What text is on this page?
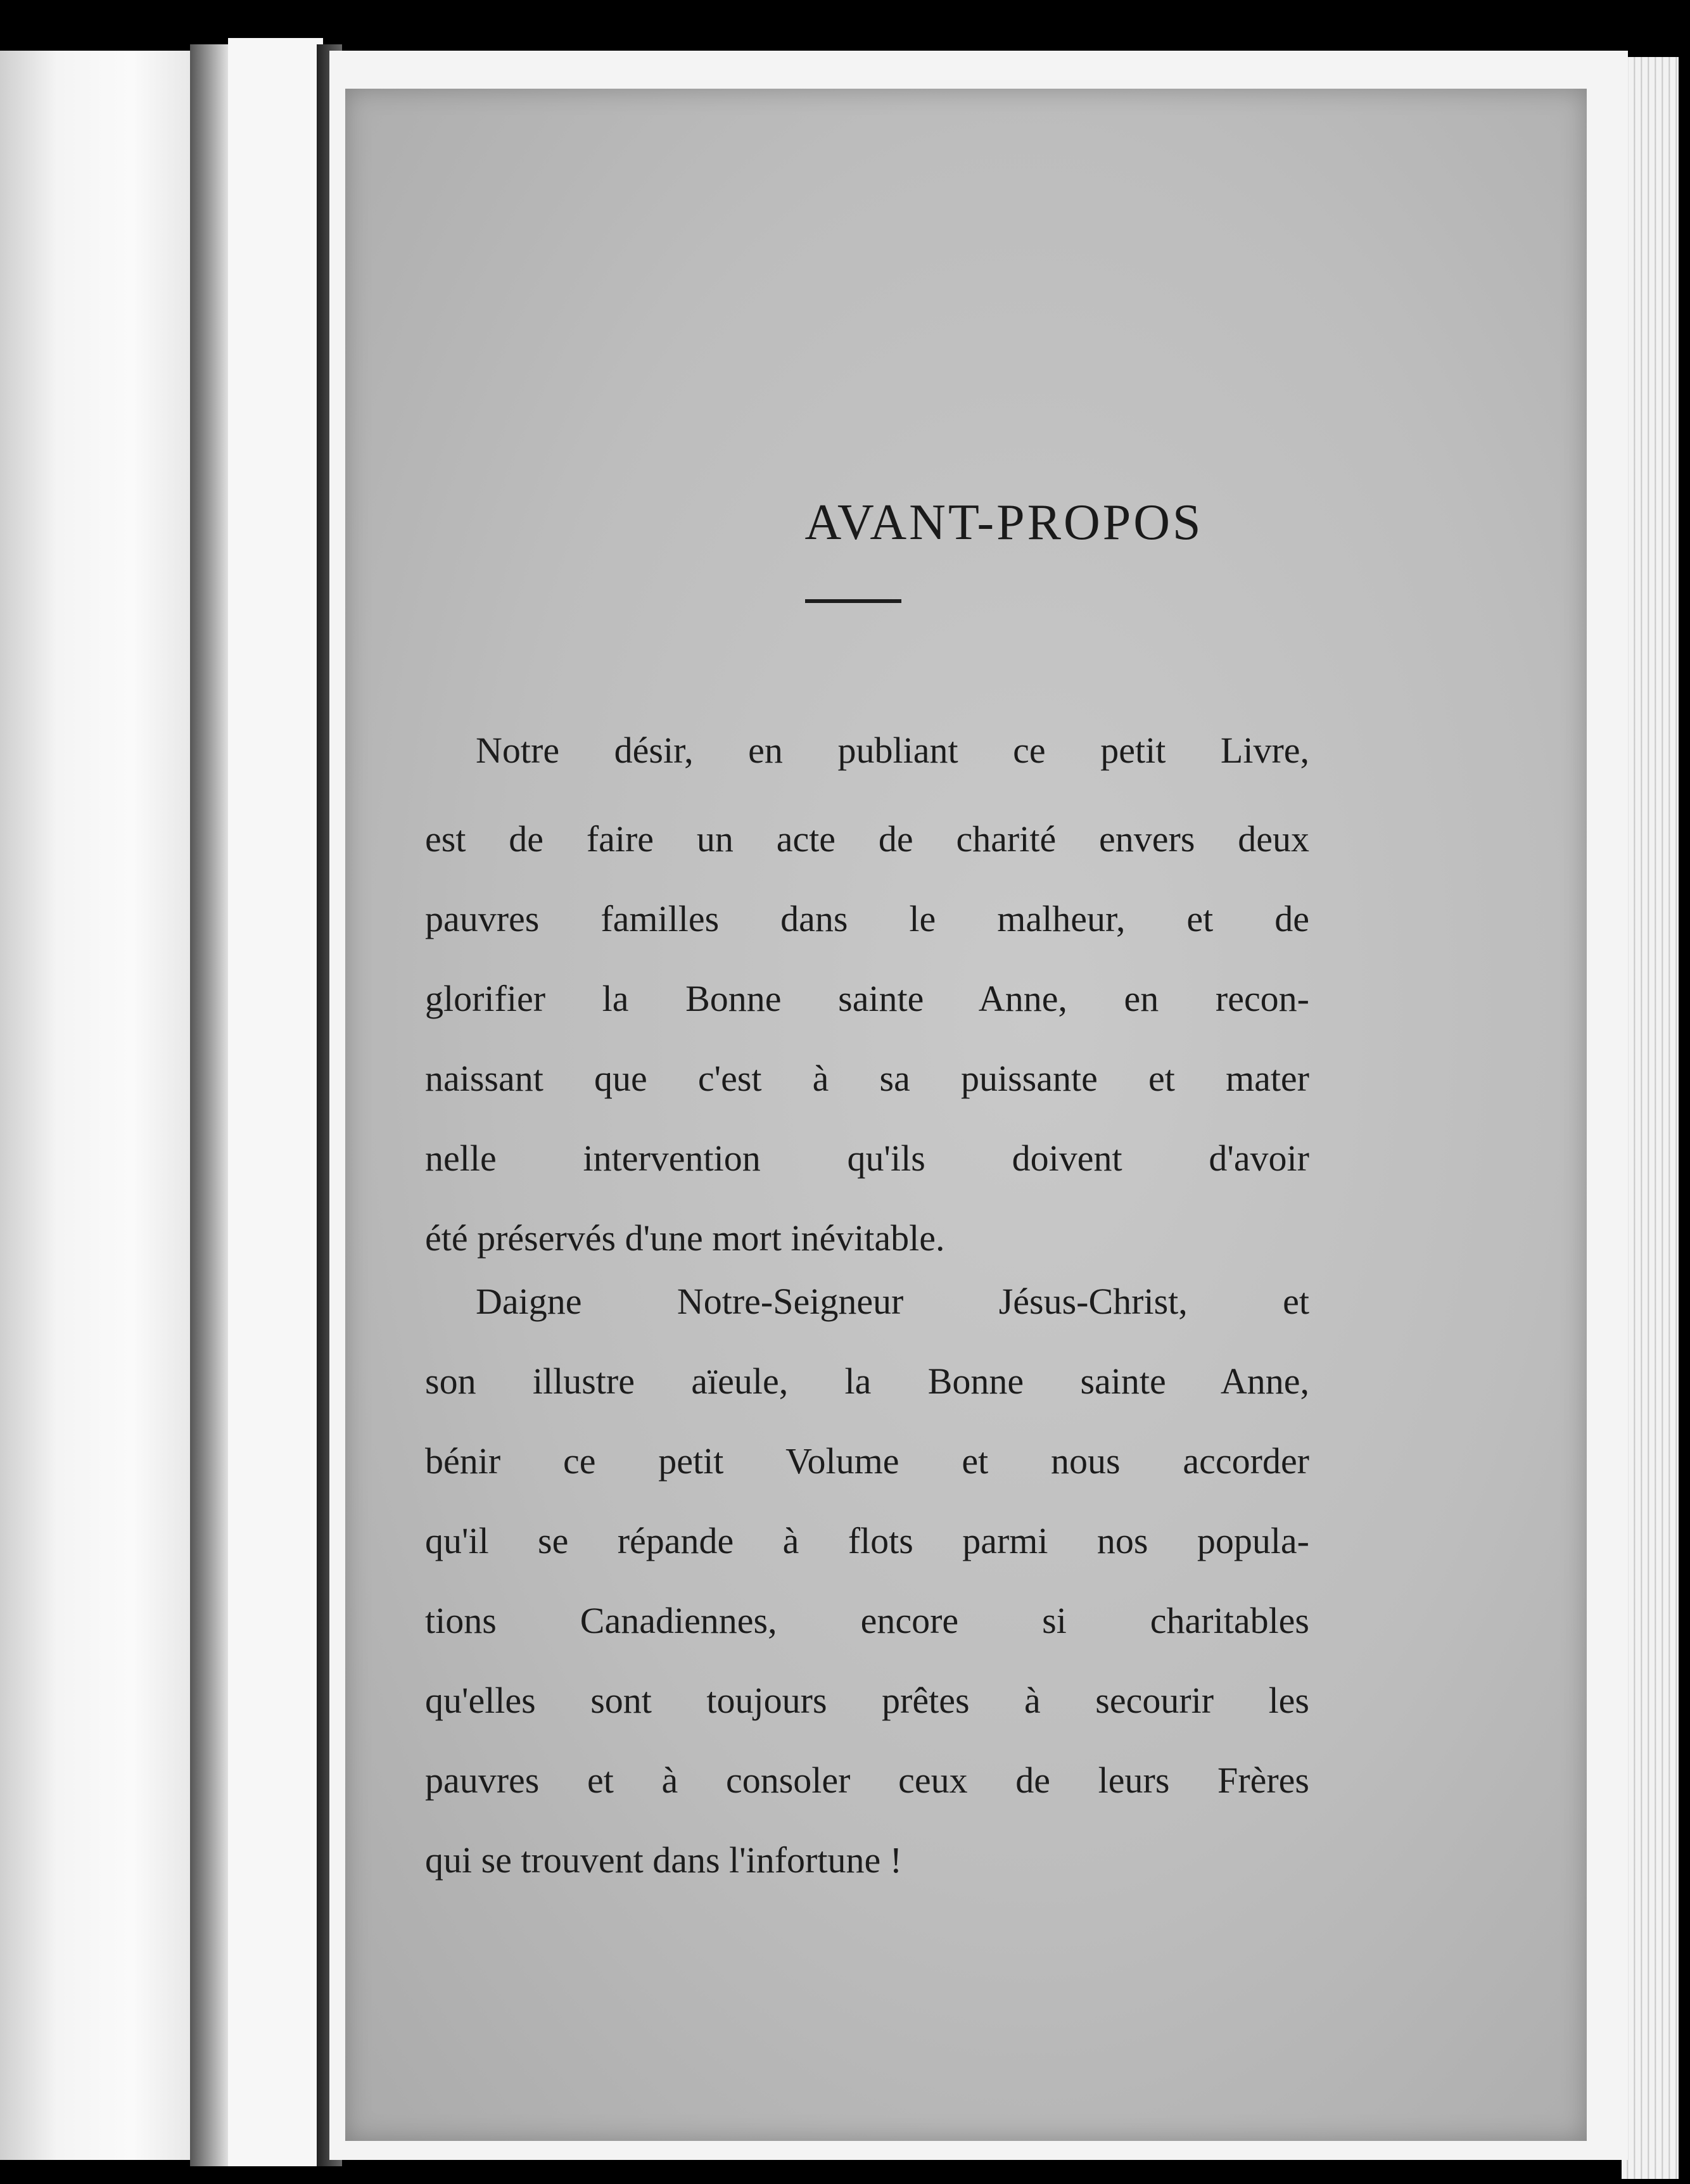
AVANT-PROPOS
Notre désir, en publiant ce petit Livre,
est de faire un acte de charité envers deux
pauvres familles dans le malheur, et de
glorifier la Bonne sainte Anne, en recon-
naissant que c'est à sa puissante et mater
nelle intervention qu'ils doivent d'avoir
été préservés d'une mort inévitable.
Daigne Notre-Seigneur Jésus-Christ, et
son illustre aïeule, la Bonne sainte Anne,
bénir ce petit Volume et nous accorder
qu'il se répande à flots parmi nos popula-
tions Canadiennes, encore si charitables
qu'elles sont toujours prêtes à secourir les
pauvres et à consoler ceux de leurs Frères
qui se trouvent dans l'infortune !
